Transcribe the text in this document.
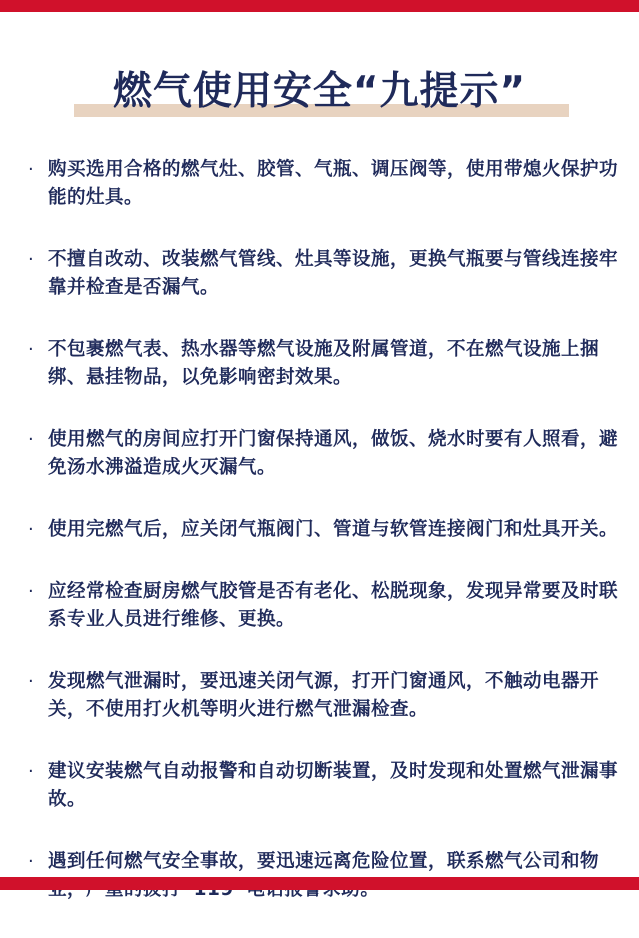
燃气使用安全“九提示”
· 购买选用合格的燃气灶、胶管、气瓶、调压阀等，使用带熄火保护功能的灶具。
· 不擅自改动、改装燃气管线、灶具等设施，更换气瓶要与管线连接牢靠并检查是否漏气。
· 不包裹燃气表、热水器等燃气设施及附属管道，不在燃气设施上捆绑、悬挂物品，以免影响密封效果。
· 使用燃气的房间应打开门窗保持通风，做饭、烧水时要有人照看，避免汤水沸溢造成火灭漏气。
· 使用完燃气后，应关闭气瓶阀门、管道与软管连接阀门和灶具开关。
· 应经常检查厨房燃气胶管是否有老化、松脱现象，发现异常要及时联系专业人员进行维修、更换。
· 发现燃气泄漏时，要迅速关闭气源，打开门窗通风，不触动电器开关，不使用打火机等明火进行燃气泄漏检查。
· 建议安装燃气自动报警和自动切断装置，及时发现和处置燃气泄漏事故。
· 遇到任何燃气安全事故，要迅速远离危险位置，联系燃气公司和物
